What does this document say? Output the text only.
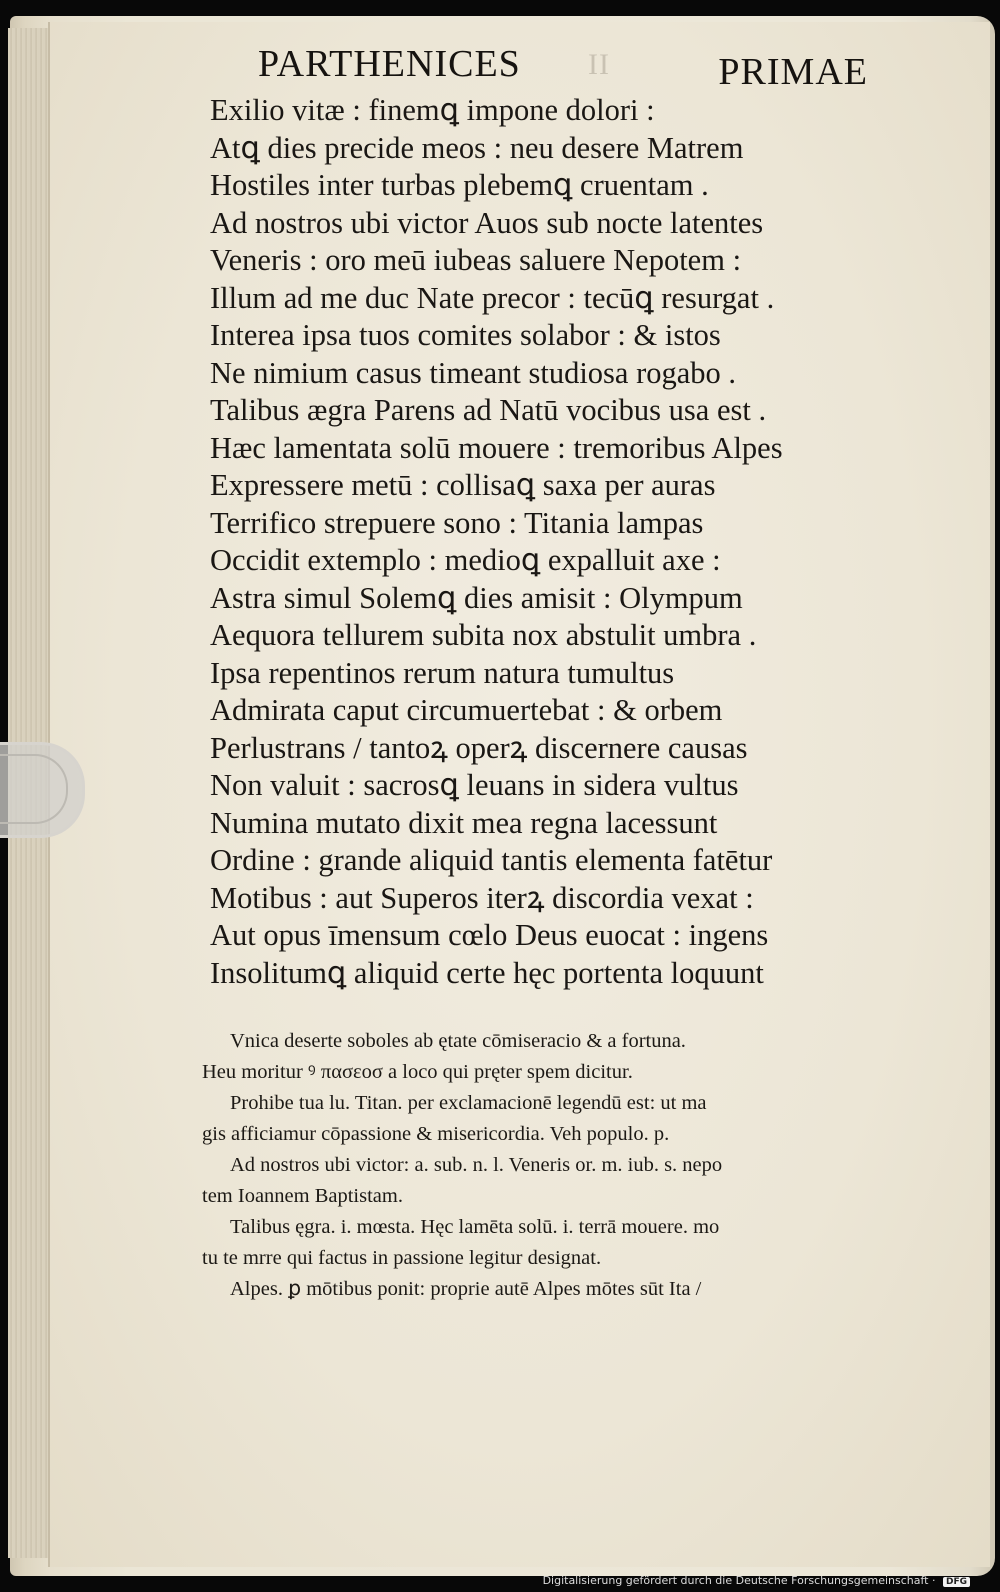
PARTHENICES II	PRIMAE
Exilio vitæ : finemꝗ impone dolori :
Atꝗ dies precide meos : neu desere Matrem
Hostiles inter turbas plebemꝗ cruentam .
Ad nostros ubi victor Auos sub nocte latentes
Veneris : oro meū iubeas saluere Nepotem :
Illum ad me duc Nate precor : tecūꝗ resurgat .
Interea ipsa tuos comites solabor : & istos
Ne nimium casus timeant studiosa rogabo .
Talibus ægra Parens ad Natū vocibus usa est .
Hæc lamentata solū mouere : tremoribus Alpes
Expressere metū : collisaꝗ saxa per auras
Terrifico strepuere sono : Titania lampas
Occidit extemplo : medioꝗ expalluit axe :
Astra simul Solemꝗ dies amisit : Olympum
Aequora tellurem subita nox abstulit umbra .
Ipsa repentinos rerum natura tumultus
Admirata caput circumuertebat : & orbem
Perlustrans / tantoꝝ operꝝ discernere causas
Non valuit : sacrosꝗ leuans in sidera vultus
Numina mutato dixit mea regna lacessunt
Ordine : grande aliquid tantis elementa fatētur
Motibus : aut Superos iterꝝ discordia vexat :
Aut opus īmensum cœlo Deus euocat : ingens
Insolitumꝗ aliquid certe hęc portenta loquunt
Vnica deserte soboles ab ętate cōmiseracio & a fortuna.
Heu moritur ꝰ πασεοσ a loco qui pręter spem dicitur.
Prohibe tua lu. Titan. per exclamacionē legendū est: ut ma
gis afficiamur cōpassione & misericordia. Veh populo. p.
Ad nostros ubi victor: a. sub. n. l. Veneris or. m. iub. s. nepo
tem Ioannem Baptistam.
Talibus ęgra. i. mœsta. Hęc lamēta solū. i. terrā mouere. mo
tu te mrre qui factus in passione legitur designat.
Alpes. ꝑ mōtibus ponit: proprie autē Alpes mōtes sūt Ita /
Digitalisierung gefördert durch die Deutsche Forschungsgemeinschaft · DFG
